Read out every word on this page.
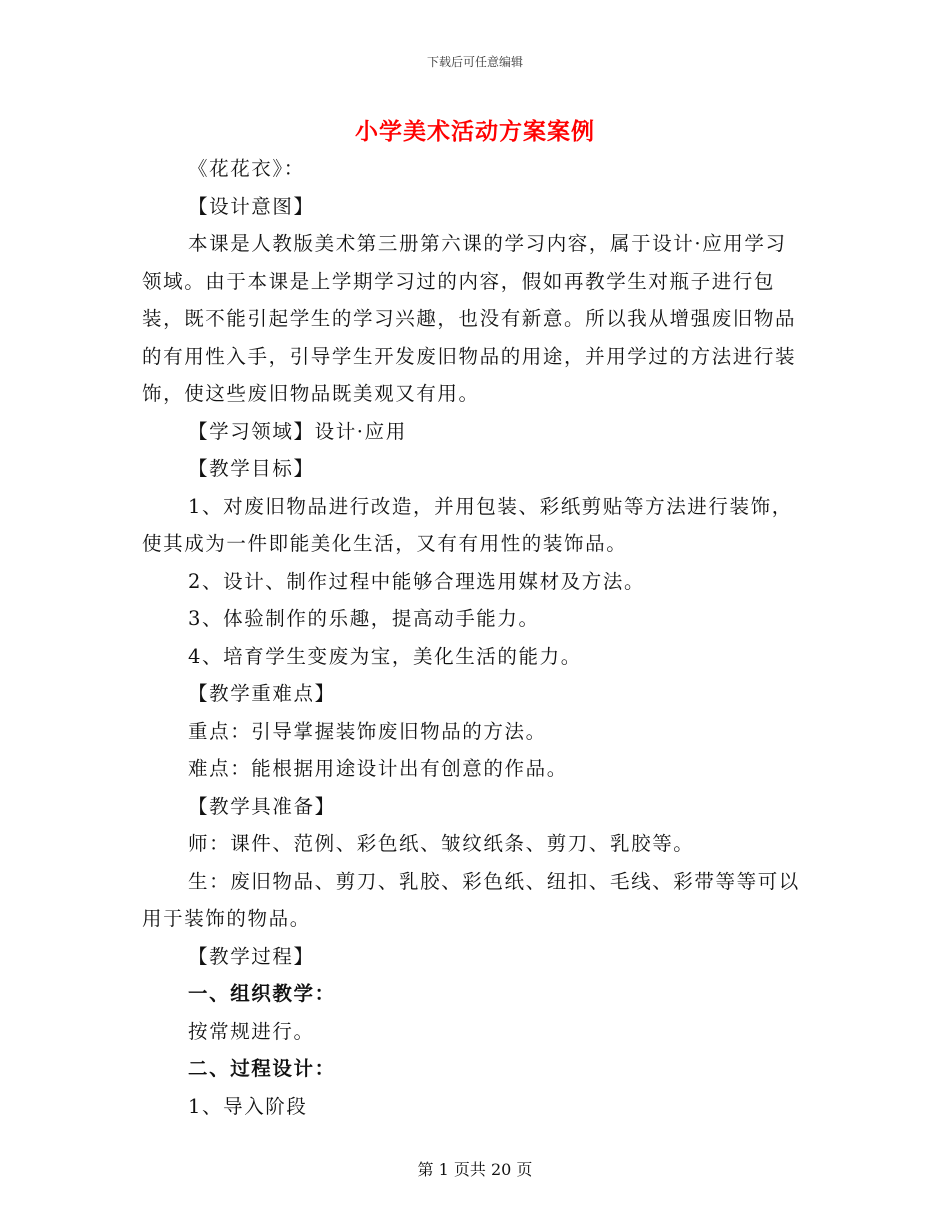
下载后可任意编辑
小学美术活动方案案例

《花花衣》：

【设计意图】

本课是人教版美术第三册第六课的学习内容，属于设计·应用学习领域。由于本课是上学期学习过的内容，假如再教学生对瓶子进行包装，既不能引起学生的学习兴趣，也没有新意。所以我从增强废旧物品的有用性入手，引导学生开发废旧物品的用途，并用学过的方法进行装饰，使这些废旧物品既美观又有用。

【学习领域】设计·应用

【教学目标】

1、对废旧物品进行改造，并用包装、彩纸剪贴等方法进行装饰，使其成为一件即能美化生活，又有有用性的装饰品。

2、设计、制作过程中能够合理选用媒材及方法。

3、体验制作的乐趣，提高动手能力。

4、培育学生变废为宝，美化生活的能力。

【教学重难点】

重点：引导掌握装饰废旧物品的方法。

难点：能根据用途设计出有创意的作品。

【教学具准备】

师：课件、范例、彩色纸、皱纹纸条、剪刀、乳胶等。

生：废旧物品、剪刀、乳胶、彩色纸、纽扣、毛线、彩带等等可以用于装饰的物品。

【教学过程】

一、组织教学：

按常规进行。

二、过程设计：

1、导入阶段

第 1 页共 20 页
